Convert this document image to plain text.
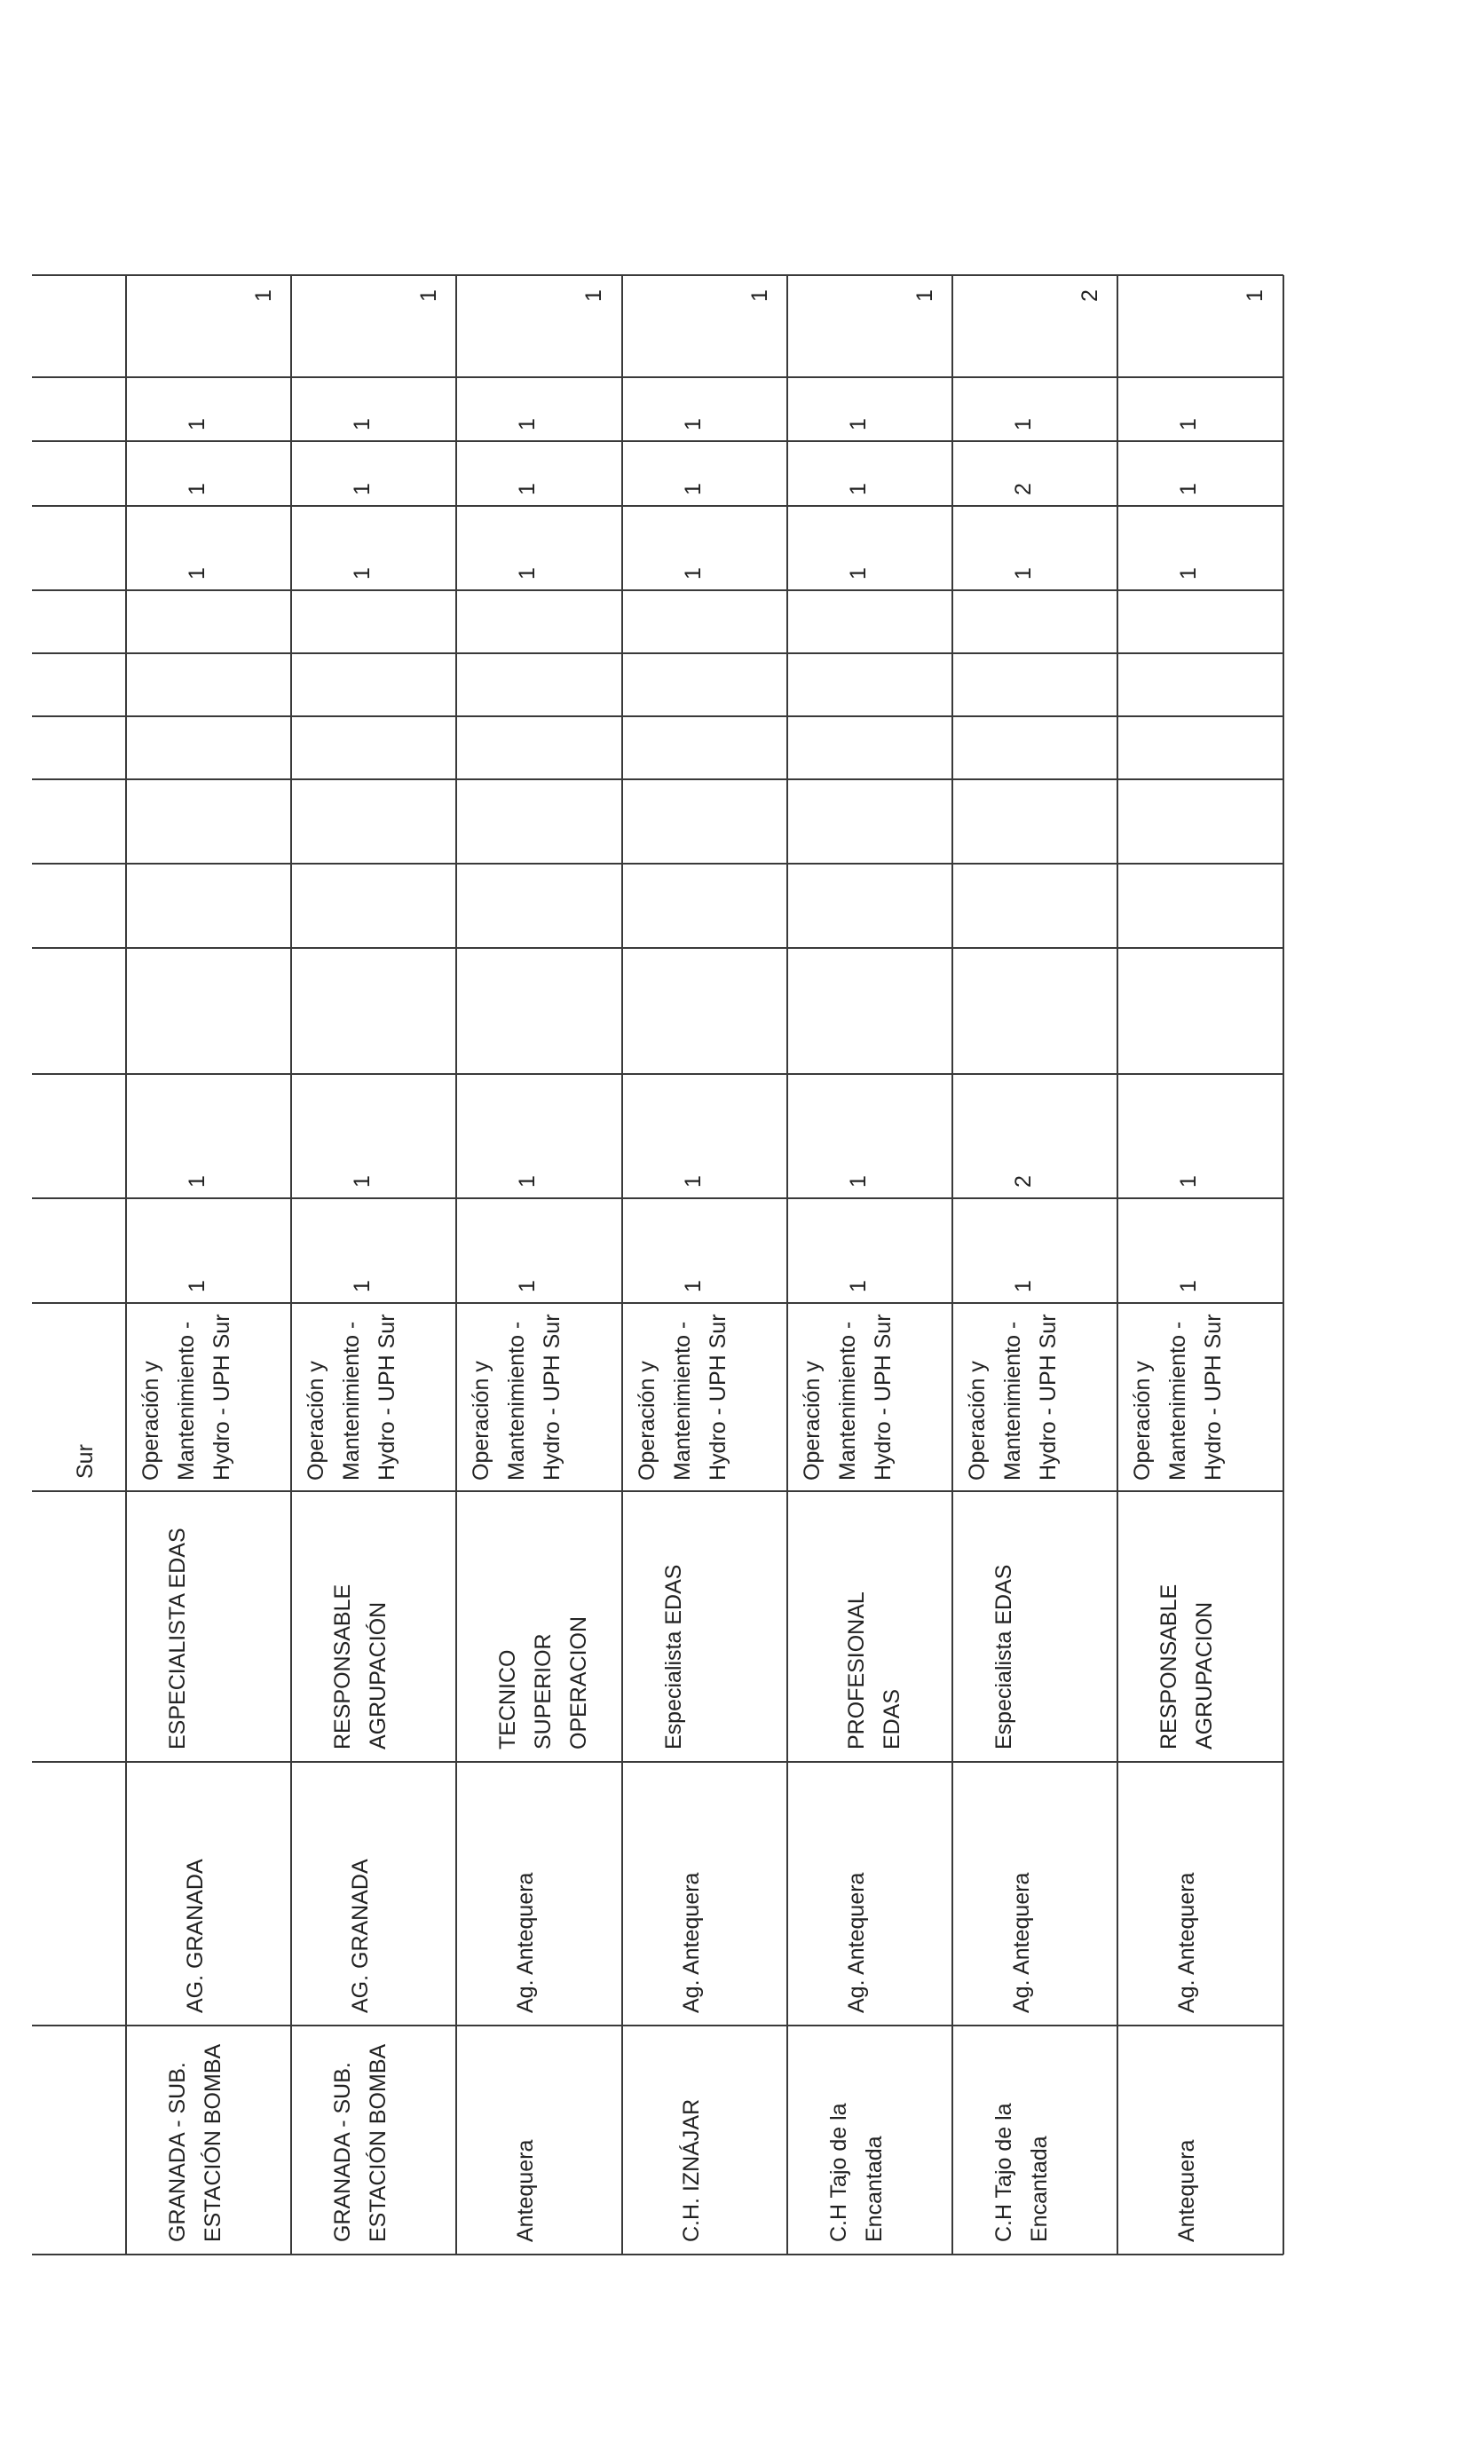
Sur
GRANADA - SUB. ESTACIÓN BOMBA
AG. GRANADA
ESPECIALISTA EDAS
Operación y Mantenimiento - Hydro - UPH Sur
1
1
1
1
1
1
GRANADA - SUB. ESTACIÓN BOMBA
AG. GRANADA
RESPONSABLE AGRUPACIÓN
Operación y Mantenimiento - Hydro - UPH Sur
1
1
1
1
1
1
Antequera
Ag. Antequera
TECNICO SUPERIOR OPERACION
Operación y Mantenimiento - Hydro - UPH Sur
1
1
1
1
1
1
C.H. IZNÁJAR
Ag. Antequera
Especialista EDAS
Operación y Mantenimiento - Hydro - UPH Sur
1
1
1
1
1
1
C.H Tajo de la Encantada
Ag. Antequera
PROFESIONAL EDAS
Operación y Mantenimiento - Hydro - UPH Sur
1
1
1
1
1
1
C.H Tajo de la Encantada
Ag. Antequera
Especialista EDAS
Operación y Mantenimiento - Hydro - UPH Sur
1
2
1
2
1
2
Antequera
Ag. Antequera
RESPONSABLE AGRUPACION
Operación y Mantenimiento - Hydro - UPH Sur
1
1
1
1
1
1
